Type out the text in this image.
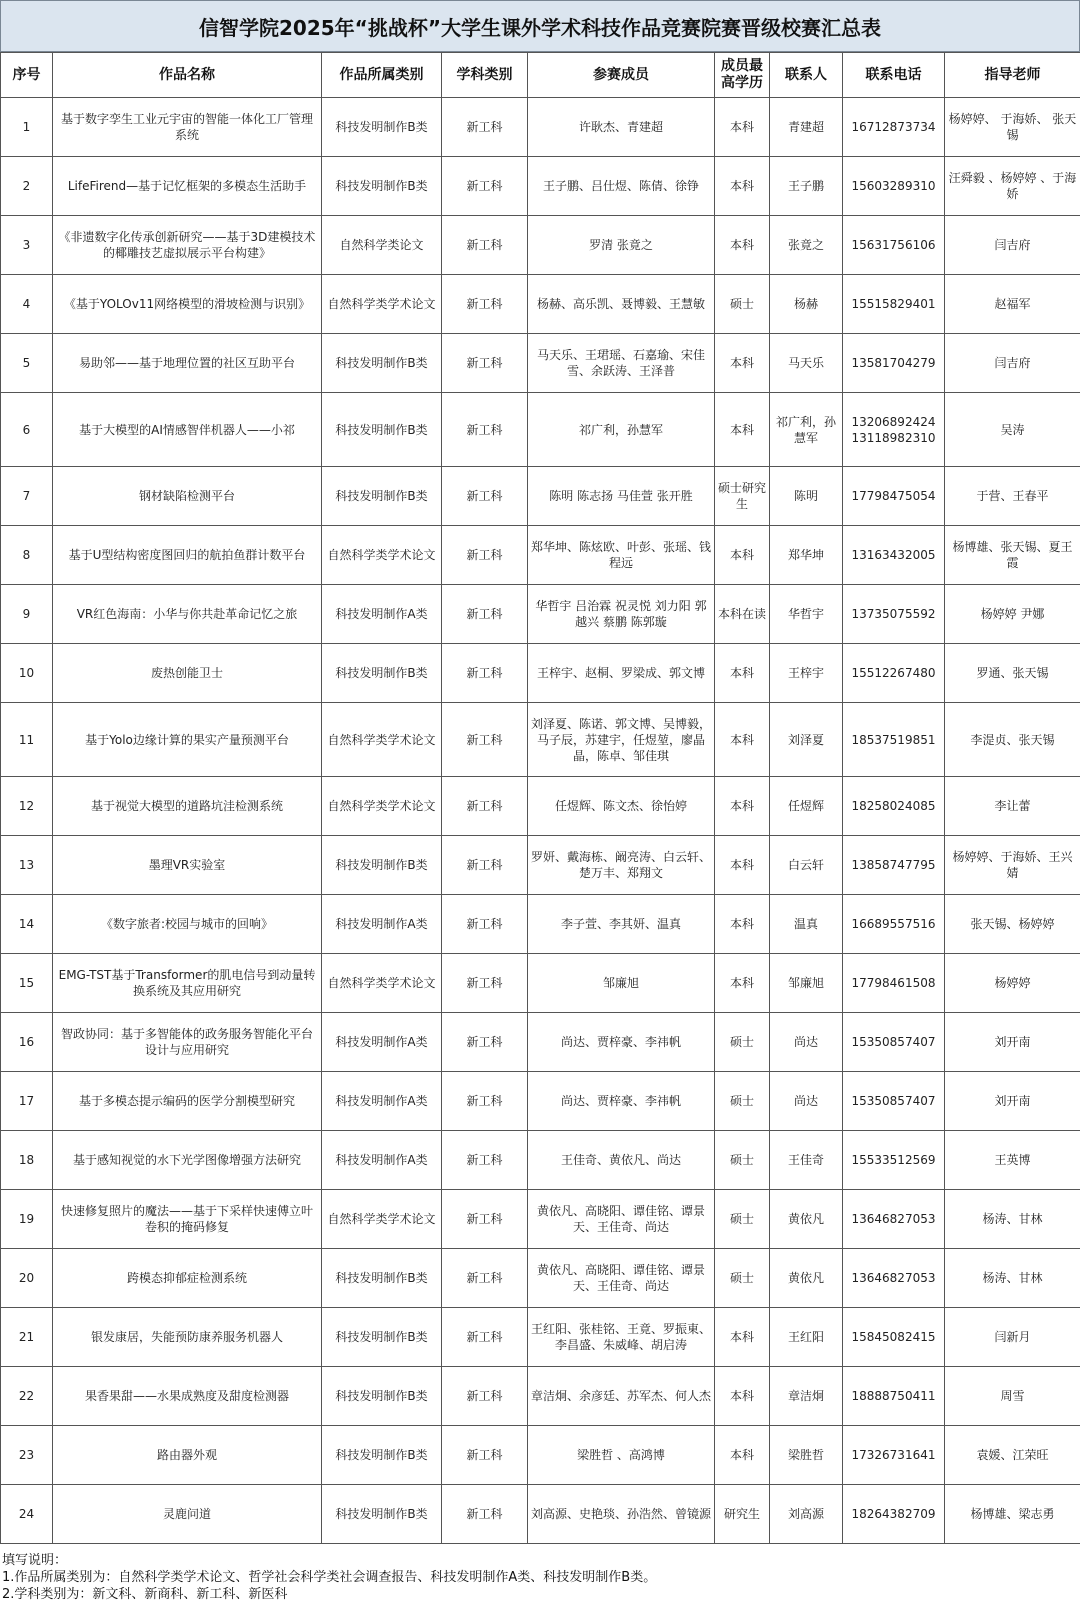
信智学院2025年“挑战杯”大学生课外学术科技作品竞赛院赛晋级校赛汇总表
序号	作品名称	作品所属类别	学科类别	参赛成员	成员最高学历	联系人	联系电话	指导老师
1	基于数字孪生工业元宇宙的智能一体化工厂管理系统	科技发明制作B类	新工科	许耿杰、青建超	本科	青建超	16712873734	杨婷婷、 于海娇、 张天锡
2	LifeFirend—基于记忆框架的多模态生活助手	科技发明制作B类	新工科	王子鹏、吕仕煜、陈倩、徐铮	本科	王子鹏	15603289310	汪舜毅 、杨婷婷 、于海娇
3	《非遗数字化传承创新研究——基于3D建模技术的椰雕技艺虚拟展示平台构建》	自然科学类论文	新工科	罗清 张竟之	本科	张竟之	15631756106	闫吉府
4	《基于YOLOv11网络模型的滑坡检测与识别》	自然科学类学术论文	新工科	杨赫、高乐凯、聂博毅、王慧敏	硕士	杨赫	15515829401	赵福军
5	易助邻——基于地理位置的社区互助平台	科技发明制作B类	新工科	马天乐、王珺瑶、石嘉瑜、宋佳雪、余跃涛、王泽普	本科	马天乐	13581704279	闫吉府
6	基于大模型的AI情感智伴机器人——小祁	科技发明制作B类	新工科	祁广利，孙慧军	本科	祁广利，孙慧军	13206892424 13118982310	吴涛
7	钢材缺陷检测平台	科技发明制作B类	新工科	陈明 陈志扬 马佳萱 张开胜	硕士研究生	陈明	17798475054	于营、王春平
8	基于U型结构密度图回归的航拍鱼群计数平台	自然科学类学术论文	新工科	郑华坤、陈炫欧、叶彭、张瑶、钱程远	本科	郑华坤	13163432005	杨博雄、张天锡、夏王霞
9	VR红色海南：小华与你共赴革命记忆之旅	科技发明制作A类	新工科	华哲宇 吕治霖 祝灵悦 刘力阳 郭越兴 蔡鹏 陈郭璇	本科在读	华哲宇	13735075592	杨婷婷 尹娜
10	废热创能卫士	科技发明制作B类	新工科	王梓宇、赵桐、罗梁成、郭文博	本科	王梓宇	15512267480	罗通、张天锡
11	基于Yolo边缘计算的果实产量预测平台	自然科学类学术论文	新工科	刘泽夏、陈诺、郭文博、吴博毅，马子辰，苏建宇，任煜堃，廖晶晶，陈卓、邹佳琪	本科	刘泽夏	18537519851	李湜贞、张天锡
12	基于视觉大模型的道路坑洼检测系统	自然科学类学术论文	新工科	任煜辉、陈文杰、徐怡婷	本科	任煜辉	18258024085	李让蕾
13	墨理VR实验室	科技发明制作B类	新工科	罗妍、戴海栋、阚亮涛、白云轩、楚万丰、郑翔文	本科	白云轩	13858747795	杨婷婷、于海娇、王兴婧
14	《数字旅者:校园与城市的回响》	科技发明制作A类	新工科	李子萱、李其妍、温真	本科	温真	16689557516	张天锡、杨婷婷
15	EMG-TST基于Transformer的肌电信号到动量转换系统及其应用研究	自然科学类学术论文	新工科	邹廉旭	本科	邹廉旭	17798461508	杨婷婷
16	智政协同：基于多智能体的政务服务智能化平台设计与应用研究	科技发明制作A类	新工科	尚达、贾梓豪、李祎帆	硕士	尚达	15350857407	刘开南
17	基于多模态提示编码的医学分割模型研究	科技发明制作A类	新工科	尚达、贾梓豪、李祎帆	硕士	尚达	15350857407	刘开南
18	基于感知视觉的水下光学图像增强方法研究	科技发明制作A类	新工科	王佳奇、黄依凡、尚达	硕士	王佳奇	15533512569	王英博
19	快速修复照片的魔法——基于下采样快速傅立叶卷积的掩码修复	自然科学类学术论文	新工科	黄依凡、高晓阳、谭佳铭、谭景天、王佳奇、尚达	硕士	黄依凡	13646827053	杨涛、甘林
20	跨模态抑郁症检测系统	科技发明制作B类	新工科	黄依凡、高晓阳、谭佳铭、谭景天、王佳奇、尚达	硕士	黄依凡	13646827053	杨涛、甘林
21	银发康居，失能预防康养服务机器人	科技发明制作B类	新工科	王红阳、张桂铭、王竟、罗振東、李昌盛、朱威峰、胡启涛	本科	王红阳	15845082415	闫新月
22	果香果甜——水果成熟度及甜度检测器	科技发明制作B类	新工科	章洁炯、余彦廷、苏军杰、何人杰	本科	章洁炯	18888750411	周雪
23	路由器外观	科技发明制作B类	新工科	梁胜哲 、高鸿博	本科	梁胜哲	17326731641	袁媛、江荣旺
24	灵鹿问道	科技发明制作B类	新工科	刘高源、史艳琰、孙浩然、曾镜源	研究生	刘高源	18264382709	杨博雄、梁志勇
填写说明：
1.作品所属类别为：自然科学类学术论文、哲学社会科学类社会调查报告、科技发明制作A类、科技发明制作B类。
2.学科类别为：新文科、新商科、新工科、新医科
